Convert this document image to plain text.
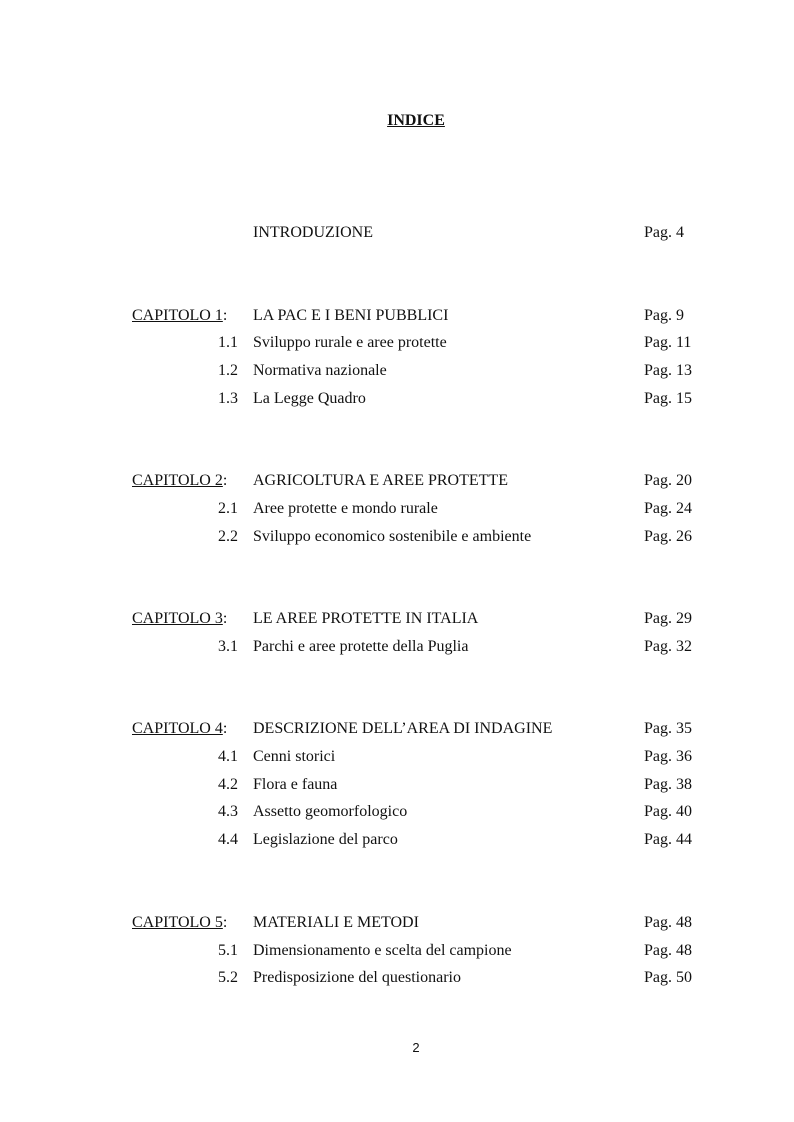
INDICE
INTRODUZIONE	Pag. 4
CAPITOLO 1: LA PAC E I BENI PUBBLICI	Pag. 9
1.1 Sviluppo rurale e aree protette	Pag. 11
1.2 Normativa nazionale	Pag. 13
1.3 La Legge Quadro	Pag. 15
CAPITOLO 2: AGRICOLTURA E AREE PROTETTE	Pag. 20
2.1 Aree protette e mondo rurale	Pag. 24
2.2 Sviluppo economico sostenibile e ambiente	Pag. 26
CAPITOLO 3: LE AREE PROTETTE IN ITALIA	Pag. 29
3.1 Parchi e aree protette della Puglia	Pag. 32
CAPITOLO 4: DESCRIZIONE DELL’AREA DI INDAGINE	Pag. 35
4.1 Cenni storici	Pag. 36
4.2 Flora e fauna	Pag. 38
4.3 Assetto geomorfologico	Pag. 40
4.4 Legislazione del parco	Pag. 44
CAPITOLO 5: MATERIALI E METODI	Pag. 48
5.1 Dimensionamento e scelta del campione	Pag. 48
5.2 Predisposizione del questionario	Pag. 50
2
